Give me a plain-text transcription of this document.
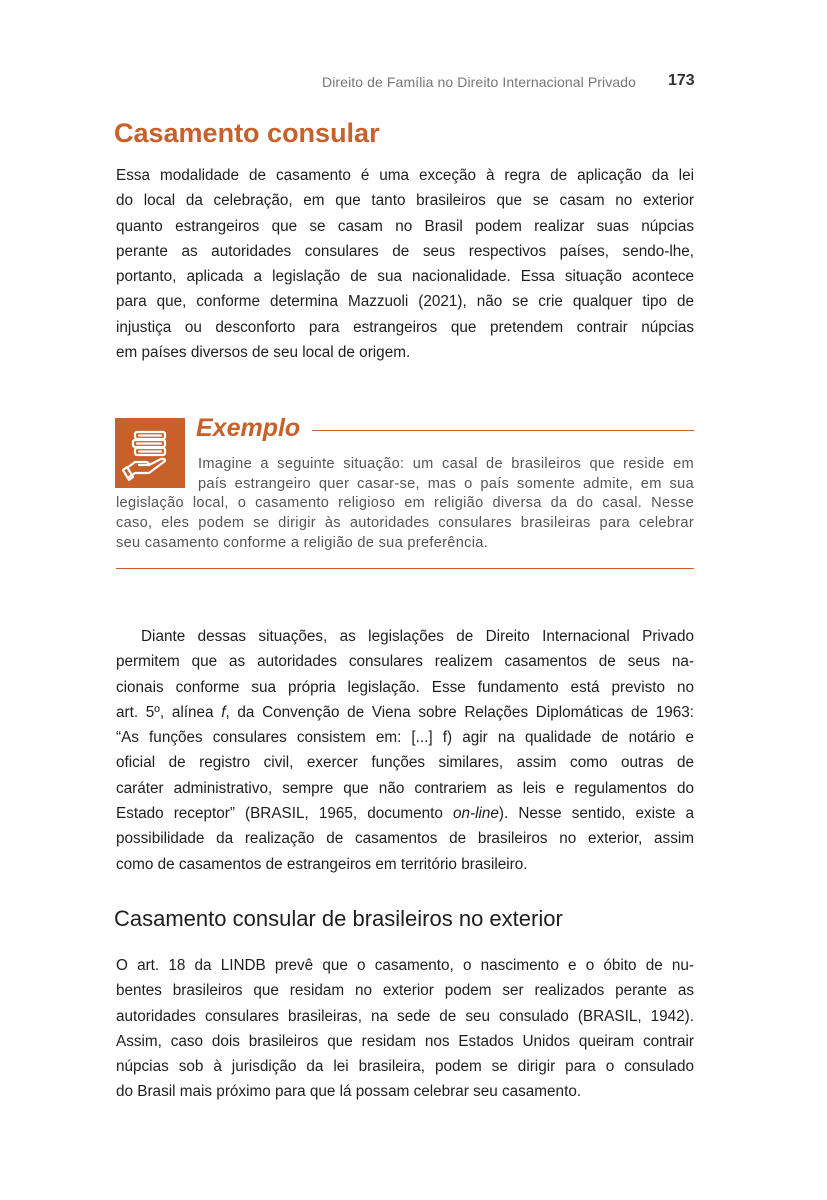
Direito de Família no Direito Internacional Privado 173
Casamento consular
Essa modalidade de casamento é uma exceção à regra de aplicação da lei
do local da celebração, em que tanto brasileiros que se casam no exterior
quanto estrangeiros que se casam no Brasil podem realizar suas núpcias
perante as autoridades consulares de seus respectivos países, sendo-lhe,
portanto, aplicada a legislação de sua nacionalidade. Essa situação acontece
para que, conforme determina Mazzuoli (2021), não se crie qualquer tipo de
injustiça ou desconforto para estrangeiros que pretendem contrair núpcias
em países diversos de seu local de origem.
Exemplo
Imagine a seguinte situação: um casal de brasileiros que reside em
país estrangeiro quer casar-se, mas o país somente admite, em sua
legislação local, o casamento religioso em religião diversa da do casal. Nesse
caso, eles podem se dirigir às autoridades consulares brasileiras para celebrar
seu casamento conforme a religião de sua preferência.
Diante dessas situações, as legislações de Direito Internacional Privado
permitem que as autoridades consulares realizem casamentos de seus na-
cionais conforme sua própria legislação. Esse fundamento está previsto no
art. 5º, alínea f, da Convenção de Viena sobre Relações Diplomáticas de 1963:
“As funções consulares consistem em: [...] f) agir na qualidade de notário e
oficial de registro civil, exercer funções similares, assim como outras de
caráter administrativo, sempre que não contrariem as leis e regulamentos do
Estado receptor” (BRASIL, 1965, documento on-line). Nesse sentido, existe a
possibilidade da realização de casamentos de brasileiros no exterior, assim
como de casamentos de estrangeiros em território brasileiro.
Casamento consular de brasileiros no exterior
O art. 18 da LINDB prevê que o casamento, o nascimento e o óbito de nu-
bentes brasileiros que residam no exterior podem ser realizados perante as
autoridades consulares brasileiras, na sede de seu consulado (BRASIL, 1942).
Assim, caso dois brasileiros que residam nos Estados Unidos queiram contrair
núpcias sob à jurisdição da lei brasileira, podem se dirigir para o consulado
do Brasil mais próximo para que lá possam celebrar seu casamento.
